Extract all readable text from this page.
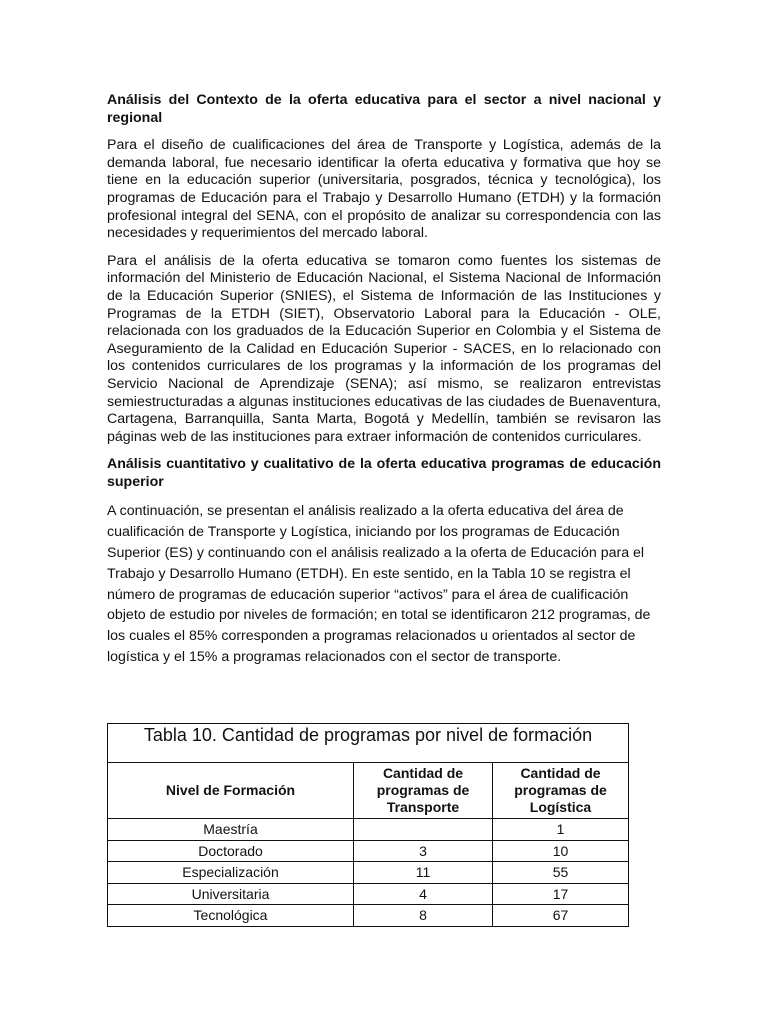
Análisis del Contexto de la oferta educativa para el sector a nivel nacional y regional

Para el diseño de cualificaciones del área de Transporte y Logística, además de la demanda laboral, fue necesario identificar la oferta educativa y formativa que hoy se tiene en la educación superior (universitaria, posgrados, técnica y tecnológica), los programas de Educación para el Trabajo y Desarrollo Humano (ETDH) y la formación profesional integral del SENA, con el propósito de analizar su correspondencia con las necesidades y requerimientos del mercado laboral.

Para el análisis de la oferta educativa se tomaron como fuentes los sistemas de información del Ministerio de Educación Nacional, el Sistema Nacional de Información de la Educación Superior (SNIES), el Sistema de Información de las Instituciones y Programas de la ETDH (SIET), Observatorio Laboral para la Educación - OLE, relacionada con los graduados de la Educación Superior en Colombia y el Sistema de Aseguramiento de la Calidad en Educación Superior - SACES, en lo relacionado con los contenidos curriculares de los programas y la información de los programas del Servicio Nacional de Aprendizaje (SENA); así mismo, se realizaron entrevistas semiestructuradas a algunas instituciones educativas de las ciudades de Buenaventura, Cartagena, Barranquilla, Santa Marta, Bogotá y Medellín, también se revisaron las páginas web de las instituciones para extraer información de contenidos curriculares.

Análisis cuantitativo y cualitativo de la oferta educativa programas de educación superior

A continuación, se presentan el análisis realizado a la oferta educativa del área de cualificación de Transporte y Logística, iniciando por los programas de Educación Superior (ES) y continuando con el análisis realizado a la oferta de Educación para el Trabajo y Desarrollo Humano (ETDH). En este sentido, en la Tabla 10 se registra el número de programas de educación superior “activos” para el área de cualificación objeto de estudio por niveles de formación; en total se identificaron 212 programas, de los cuales el 85% corresponden a programas relacionados u orientados al sector de logística y el 15% a programas relacionados con el sector de transporte.

Tabla 10. Cantidad de programas por nivel de formación		
Nivel de Formación	Cantidad de programas de Transporte	Cantidad de programas de Logística
Maestría		1
Doctorado	3	10
Especialización	11	55
Universitaria	4	17
Tecnológica	8	67
